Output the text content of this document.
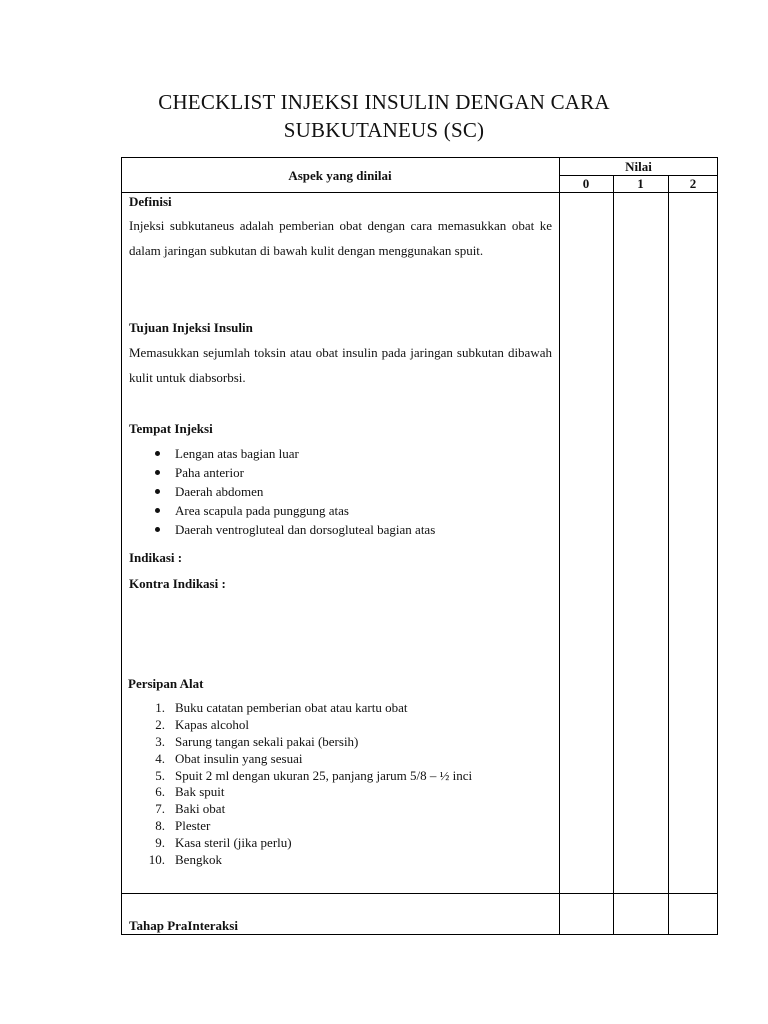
CHECKLIST INJEKSI INSULIN DENGAN CARA
SUBKUTANEUS (SC)
Aspek yang dinilai
Nilai
0	1	2
Definisi
Injeksi subkutaneus adalah pemberian obat dengan cara memasukkan obat ke dalam jaringan subkutan di bawah kulit dengan menggunakan spuit.
Tujuan Injeksi Insulin
Memasukkan sejumlah toksin atau obat insulin pada jaringan subkutan dibawah kulit untuk diabsorbsi.
Tempat Injeksi
Lengan atas bagian luar
Paha anterior
Daerah abdomen
Area scapula pada punggung atas
Daerah ventrogluteal dan dorsogluteal bagian atas
Indikasi :
Kontra Indikasi :
Persipan Alat
1. Buku catatan pemberian obat atau kartu obat
2. Kapas alcohol
3. Sarung tangan sekali pakai (bersih)
4. Obat insulin yang sesuai
5. Spuit 2 ml dengan ukuran 25, panjang jarum 5/8 – ½ inci
6. Bak spuit
7. Baki obat
8. Plester
9. Kasa steril (jika perlu)
10. Bengkok
Tahap PraInteraksi
